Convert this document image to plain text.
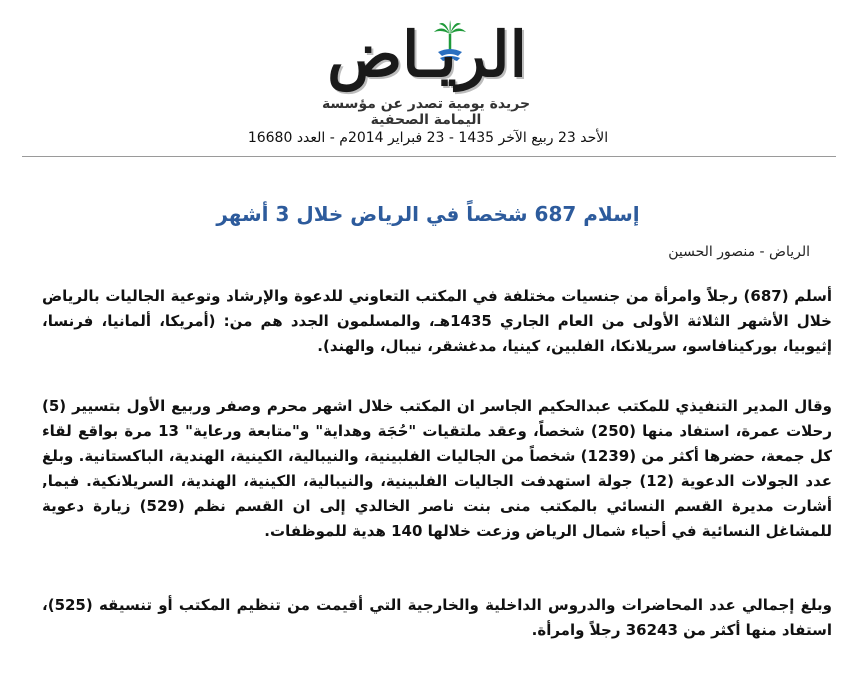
الريـاض
جريدة يومية تصدر عن مؤسسة اليمامة الصحفية
الأحد 23 ربيع الآخر 1435 - 23 فبراير 2014م - العدد 16680
إسلام 687 شخصاً في الرياض خلال 3 أشهر
الرياض - منصور الحسين

أسلم (687) رجلاً وامرأة من جنسيات مختلفة في المكتب التعاوني للدعوة والإرشاد وتوعية الجاليات بالرياض خلال الأشهر الثلاثة الأولى من العام الجاري 1435هـ، والمسلمون الجدد هم من: (أمريكا، ألمانيا، فرنسا، إثيوبيا، بوركينافاسو، سريلانكا، الفلبين، كينيا، مدغشقر، نيبال، والهند).

وقال المدير التنفيذي للمكتب عبدالحكيم الجاسر ان المكتب خلال اشهر محرم وصفر وربيع الأول بتسيير (5) رحلات عمرة، استفاد منها (250) شخصاً، وعقد ملتقيات "حُجَة وهداية" و"متابعة ورعاية" 13 مرة بواقع لقاء كل جمعة، حضرها أكثر من (1239) شخصاً من الجاليات الفلبينية، والنيبالية، الكينية، الهندية، الباكستانية. وبلغ عدد الجولات الدعوية (12) جولة استهدفت الجاليات الفلبينية، والنيبالية، الكينية، الهندية، السريلانكية. فيما, أشارت مديرة القسم النسائي بالمكتب منى بنت ناصر الخالدي إلى ان القسم نظم (529) زيارة دعوية للمشاغل النسائية في أحياء شمال الرياض وزعت خلالها 140 هدية للموظفات.

وبلغ إجمالي عدد المحاضرات والدروس الداخلية والخارجية التي أقيمت من تنظيم المكتب أو تنسيقه (525)، استفاد منها أكثر من 36243 رجلاً وامرأة.
